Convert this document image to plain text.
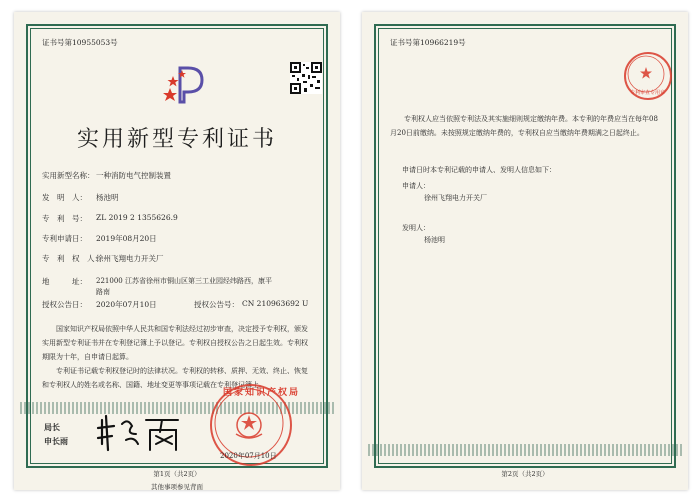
证书号第10955053号
实用新型专利证书
实用新型名称： 一种消防电气控制装置
发　明　人： 杨池明
专　利　号： ZL 2019 2 1355626.9
专利申请日： 2019年08月20日
专　利　权　人：
徐州飞翔电力开关厂
地　　　址： 221000 江苏省徐州市铜山区第三工业园经纬路西，康平
路南
授权公告日： 2020年07月10日	授权公告号： CN 210963692 U
国家知识产权局依照中华人民共和国专利法经过初步审查，决定授予专利权，颁发实用新型专利证书并在专利登记簿上予以登记。专利权自授权公告之日起生效。专利权期限为十年，自申请日起算。
专利证书记载专利权登记时的法律状况。专利权的转移、质押、无效、终止、恢复和专利权人的姓名或名称、国籍、地址变更等事项记载在专利登记簿上。
局长
申长雨
国家知识产权局
2020年07月10日
第1页（共2页）
其他事项参见背面
证书号第10966219号
专利审查专用章
专利权人应当依照专利法及其实施细则规定缴纳年费。本专利的年费应当在每年08月20日前缴纳。未按照规定缴纳年费的，专利权自应当缴纳年费期满之日起终止。
申请日时本专利记载的申请人、发明人信息如下：
申请人：
徐州飞翔电力开关厂
发明人：
杨池明
第2页（共2页）
